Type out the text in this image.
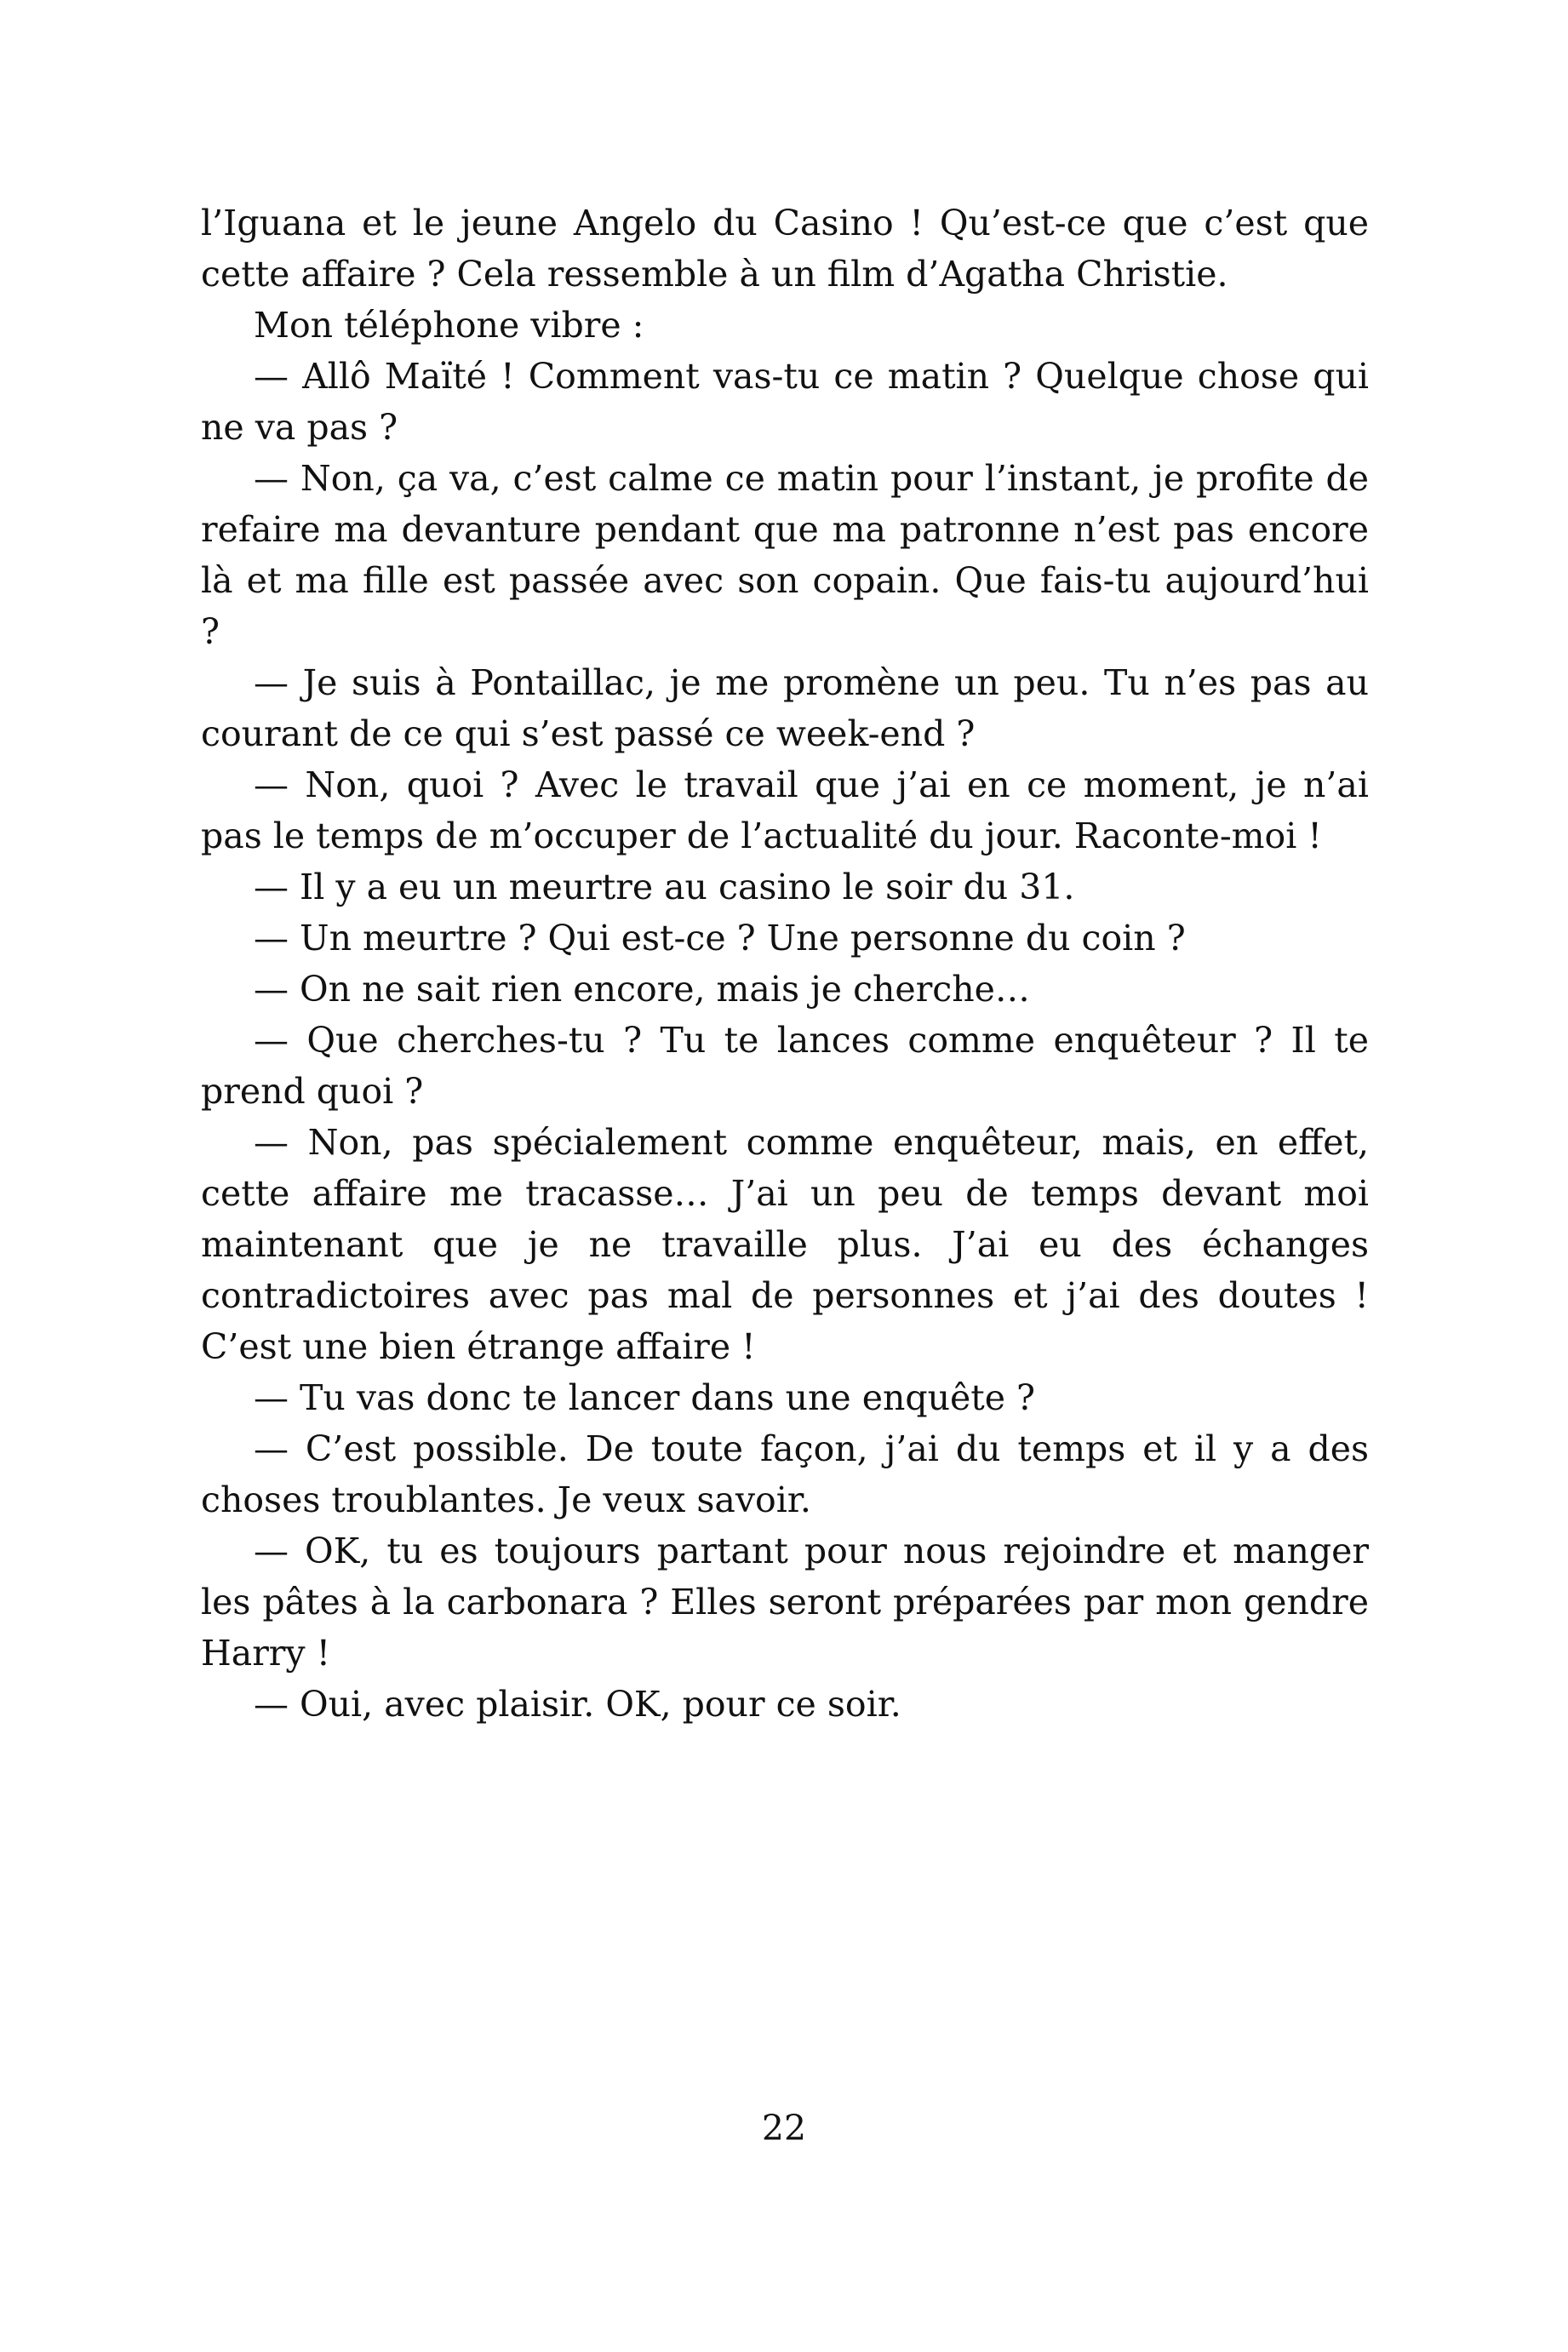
l’Iguana et le jeune Angelo du Casino ! Qu’est-ce que c’est que cette affaire ? Cela ressemble à un film d’Agatha Christie.

Mon téléphone vibre :

— Allô Maïté ! Comment vas-tu ce matin ? Quelque chose qui ne va pas ?

— Non, ça va, c’est calme ce matin pour l’instant, je profite de refaire ma devanture pendant que ma patronne n’est pas encore là et ma fille est passée avec son copain. Que fais-tu aujourd’hui ?

— Je suis à Pontaillac, je me promène un peu. Tu n’es pas au courant de ce qui s’est passé ce week-end ?

— Non, quoi ? Avec le travail que j’ai en ce moment, je n’ai pas le temps de m’occuper de l’actualité du jour. Raconte-moi !

— Il y a eu un meurtre au casino le soir du 31.

— Un meurtre ? Qui est-ce ? Une personne du coin ?

— On ne sait rien encore, mais je cherche…

— Que cherches-tu ? Tu te lances comme enquêteur ? Il te prend quoi ?

— Non, pas spécialement comme enquêteur, mais, en effet, cette affaire me tracasse… J’ai un peu de temps devant moi maintenant que je ne travaille plus. J’ai eu des échanges contradictoires avec pas mal de personnes et j’ai des doutes ! C’est une bien étrange affaire !

— Tu vas donc te lancer dans une enquête ?

— C’est possible. De toute façon, j’ai du temps et il y a des choses troublantes. Je veux savoir.

— OK, tu es toujours partant pour nous rejoindre et manger les pâtes à la carbonara ? Elles seront préparées par mon gendre Harry !

— Oui, avec plaisir. OK, pour ce soir.

22
